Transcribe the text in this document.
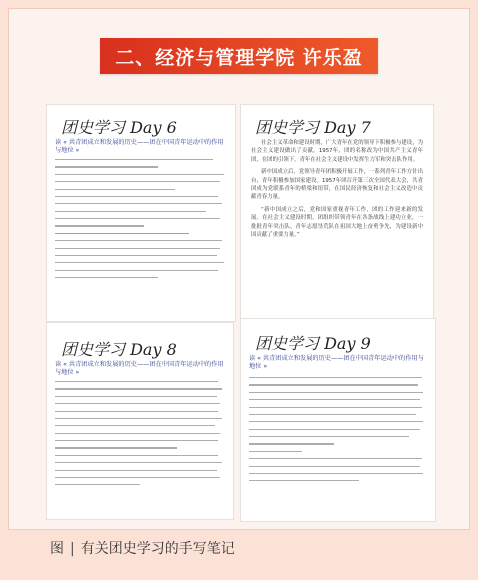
二、经济与管理学院 许乐盈
团史学习 Day 6
读 « 共青团成立和发展的历史——团在中国青年运动中的作用与地位 »
团史学习 Day 7

社会主义革命和建设时期，广大青年在党的领导下积极参与建设，为社会主义建设做出了贡献。1957年，团的名称改为中国共产主义青年团，在团的引领下，青年在社会主义建设中发挥生力军和突击队作用。

新中国成立后，党领导青年团积极开展工作，一系列青年工作方针出台，青年积极参加国家建设。1957年团召开第三次全国代表大会，共青团成为党联系青年的桥梁和纽带，在国民经济恢复和社会主义改造中贡献青春力量。

“新中国成立之后，党和国家重视青年工作，团的工作迎来新的发展。在社会主义建设时期，团组织带领青年在各条战线上建功立业，一批批青年突击队、青年志愿垦荒队在祖国大地上奋勇争先，为建设新中国贡献了重要力量。”

团史学习 Day 8
读 « 共青团成立和发展的历史——团在中国青年运动中的作用与地位 »
团史学习 Day 9
读 « 共青团成立和发展的历史——团在中国青年运动中的作用与地位 »
图 | 有关团史学习的手写笔记
